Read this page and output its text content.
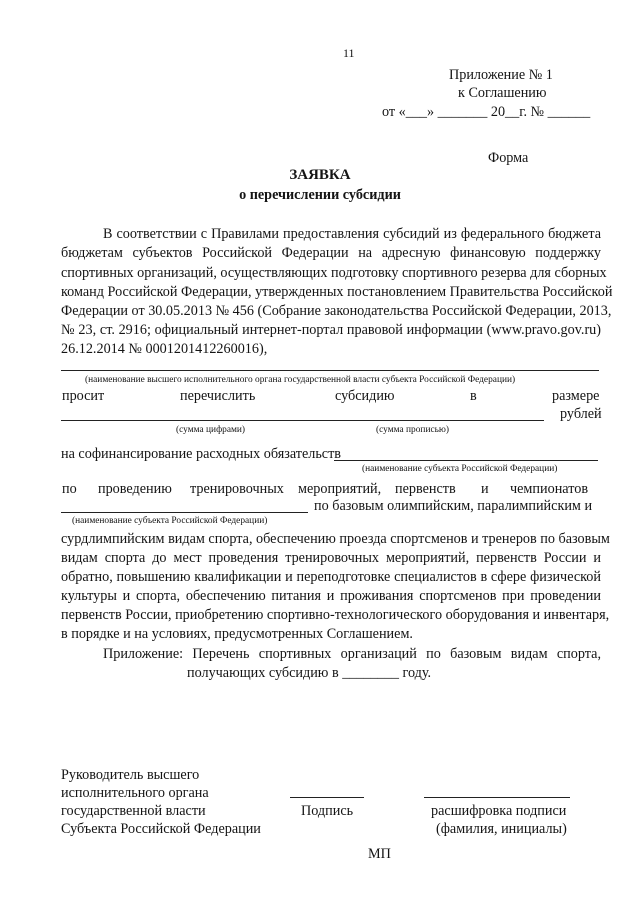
11
Приложение № 1
к Соглашению
от «___» _______ 20__г. № ______
Форма
ЗАЯВКА
о перечислении субсидии
В соответствии с Правилами предоставления субсидий из федерального бюджета
бюджетам субъектов Российской Федерации на адресную финансовую поддержку
спортивных организаций, осуществляющих подготовку спортивного резерва для сборных
команд Российской Федерации, утвержденных постановлением Правительства Российской
Федерации от 30.05.2013 № 456 (Собрание законодательства Российской Федерации, 2013,
№ 23, ст. 2916; официальный интернет-портал правовой информации (www.pravo.gov.ru)
26.12.2014 № 0001201412260016),
(наименование высшего исполнительного органа государственной власти субъекта Российской Федерации)
просит	перечислить	субсидию	в	размере
рублей
(сумма цифрами)	(сумма прописью)
на софинансирование расходных обязательств
(наименование субъекта Российской Федерации)
по проведению тренировочных мероприятий, первенств и чемпионатов
по базовым олимпийским, паралимпийским и
(наименование субъекта Российской Федерации)
сурдлимпийским видам спорта, обеспечению проезда спортсменов и тренеров по базовым
видам спорта до мест проведения тренировочных мероприятий, первенств России и
обратно, повышению квалификации и переподготовке специалистов в сфере физической
культуры и спорта, обеспечению питания и проживания спортсменов при проведении
первенств России, приобретению спортивно-технологического оборудования и инвентаря,
в порядке и на условиях, предусмотренных Соглашением.
Приложение: Перечень спортивных организаций по базовым видам спорта,
получающих субсидию в ________ году.
Руководитель высшего
исполнительного органа
государственной власти
Субъекта Российской Федерации
Подпись	расшифровка подписи
(фамилия, инициалы)
МП
